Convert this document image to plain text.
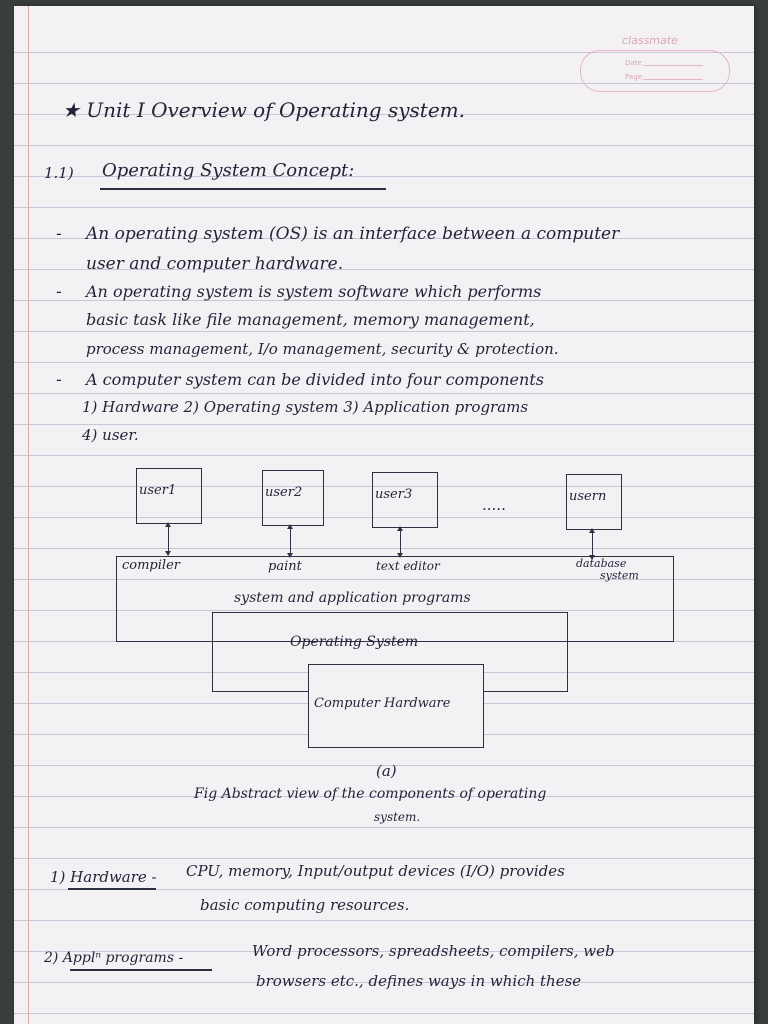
classmate
Date
Page
★ Unit I Overview of Operating system.
1.1) Operating System Concept:
- An operating system (OS) is an interface between a computer
user and computer hardware.
- An operating system is system software which performs
basic task like file management, memory management,
process management, I/o management, security & protection.
- A computer system can be divided into four components
1) Hardware 2) Operating system 3) Application programs
4) user.
user1	user2	user3
.....	usern
compiler	paint	text editor	database
system
system and application programs
Operating System
Computer Hardware
(a)
Fig Abstract view of the components of operating
system.
1) Hardware - CPU, memory, Input/output devices (I/O) provides
basic computing resources.
2) Applⁿ programs -	Word processors, spreadsheets, compilers, web
browsers etc., defines ways in which these
